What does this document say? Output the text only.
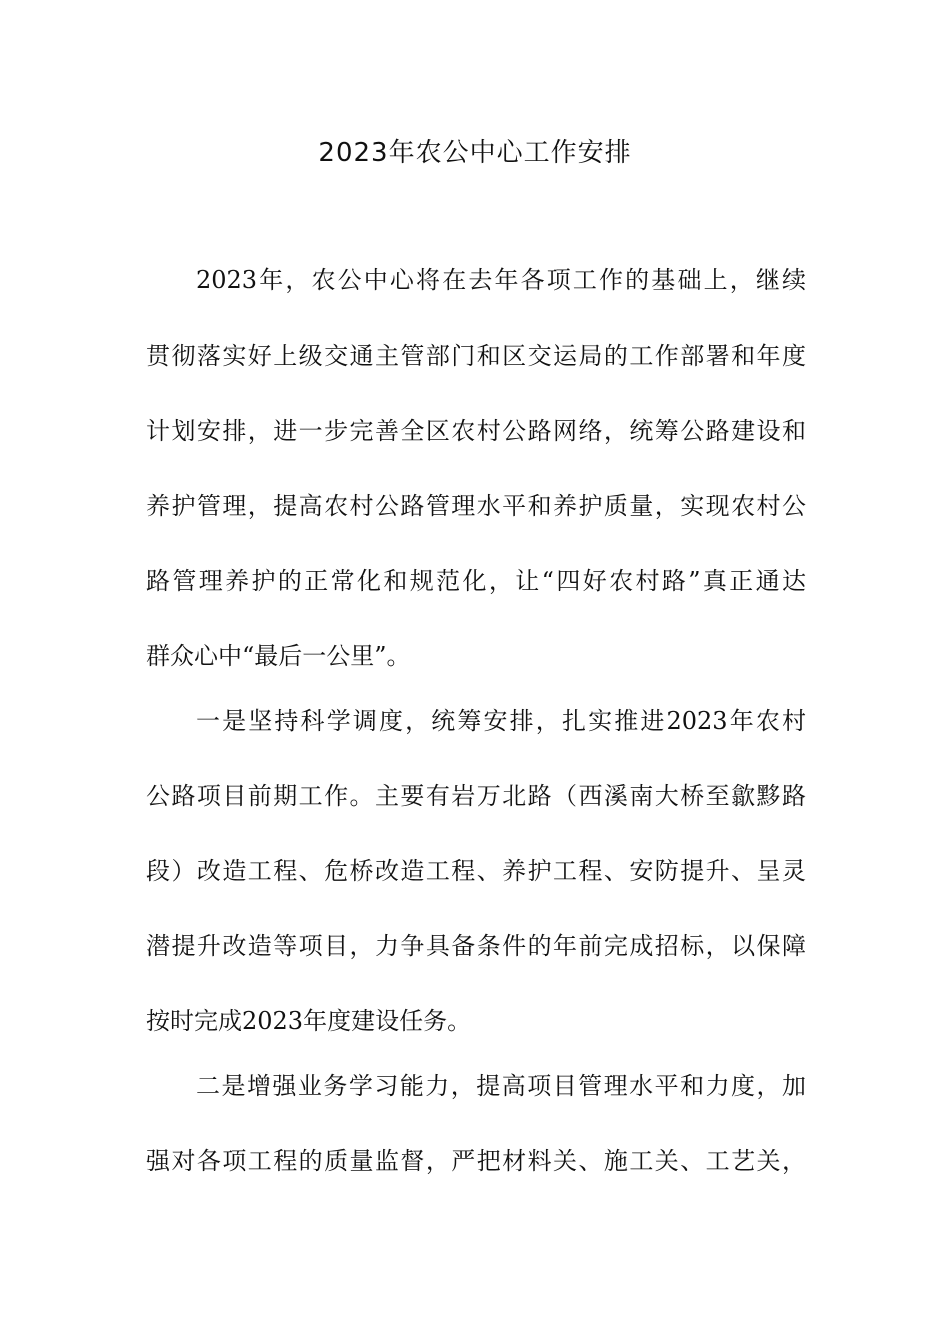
2023年农公中心工作安排
2023年，农公中心将在去年各项工作的基础上，继续
贯彻落实好上级交通主管部门和区交运局的工作部署和年度
计划安排，进一步完善全区农村公路网络，统筹公路建设和
养护管理，提高农村公路管理水平和养护质量，实现农村公
路管理养护的正常化和规范化，让“四好农村路”真正通达
群众心中“最后一公里”。
一是坚持科学调度，统筹安排，扎实推进2023年农村
公路项目前期工作。主要有岩万北路（西溪南大桥至歙黟路
段）改造工程、危桥改造工程、养护工程、安防提升、呈灵
潜提升改造等项目，力争具备条件的年前完成招标，以保障
按时完成2023年度建设任务。
二是增强业务学习能力，提高项目管理水平和力度，加
强对各项工程的质量监督，严把材料关、施工关、工艺关，
